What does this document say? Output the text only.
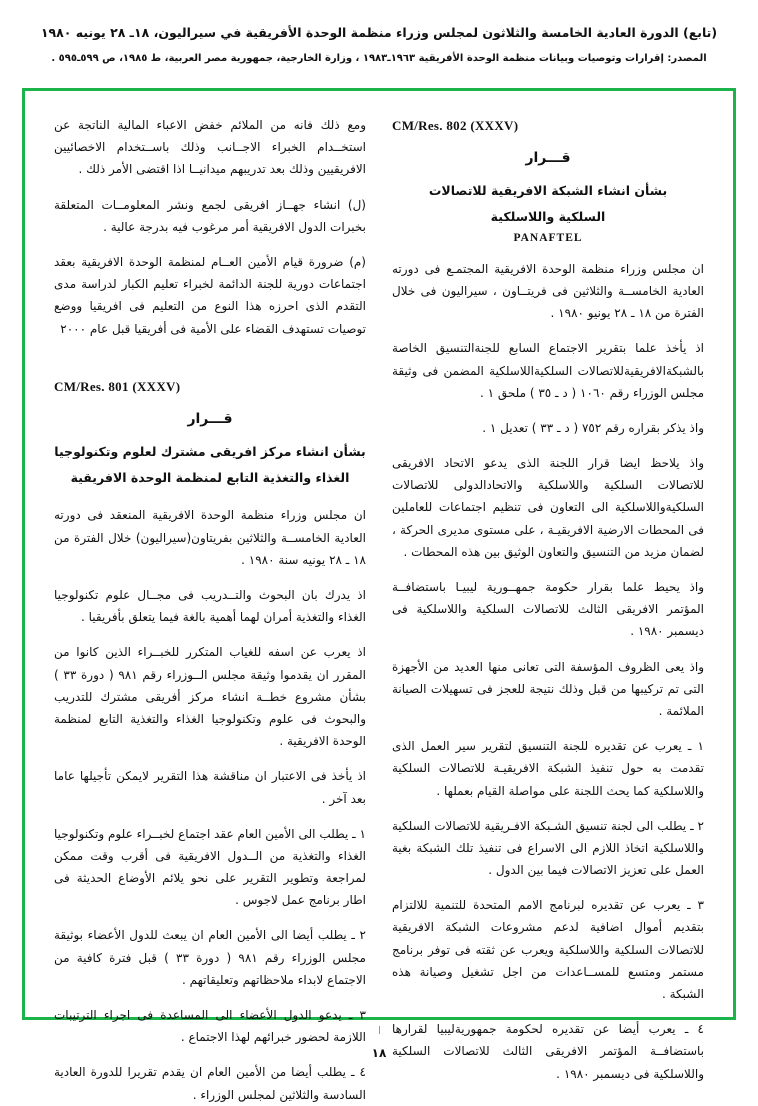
(تابع) الدورة العادية الخامسة والثلاثون لمجلس وزراء منظمة الوحدة الأفريقية في سيراليون، ١٨ـ ٢٨ يونيه ١٩٨٠
المصدر: إقرارات وتوصيات وبيانات منظمة الوحدة الأفريقية ١٩٦٣ـ١٩٨٣ ، وزارة الخارجية، جمهورية مصر العربية، ط ١٩٨٥، ص ٥٩٩ـ٥٩٥ .
CM/Res. 802 (XXXV)
قـــرار
بشأن انشاء الشبكة الافريقية للاتصالات
السلكية واللاسلكية
PANAFTEL
ان مجلس وزراء منظمة الوحدة الافريقية المجتمـع فى دورته العادية الخامســة والثلاثين فى فريتــاون ، سيراليون فى خلال الفترة من ١٨ ـ ٢٨ يونيو ١٩٨٠ .
اذ يأخذ علما بتقرير الاجتماع السابع للجنةالتنسيق الخاصة بالشبكةالافريقيةللاتصالات السلكيةاللاسلكية المضمن فى وثيقة مجلس الوزراء رقم ١٠٦٠ ( د ـ ٣٥ ) ملحق ١ .
واذ يذكر بقراره رقم ٧٥٢ ( د ـ ٣٣ ) تعديل ١ .
واذ يلاحظ ايضا قرار اللجنة الذى يدعو الاتحاد الافريقى للاتصالات السلكية واللاسلكية والاتحادالدولى للاتصالات السلكيةواللاسلكية الى التعاون فى تنظيم اجتماعات للعاملين فى المحطات الارضية الافريقيـة ، على مستوى مديرى الحركة ، لضمان مزيد من التنسيق والتعاون الوثيق بين هذه المحطات .
واذ يحيط علما بقرار حكومة جمهــورية ليبيـا باستضافــة المؤتمر الافريقى الثالث للاتصالات السلكية واللاسلكية فى ديسمبر ١٩٨٠ .
واذ يعى الظروف المؤسفة التى تعانى منها العديد من الأجهزة التى تم تركيبها من قبل وذلك نتيجة للعجز فى تسهيلات الصيانة الملائمة .
١ ـ يعرب عن تقديره للجنة التنسيق لتقرير سير العمل الذى تقدمت به حول تنفيذ الشبكة الافريقيـة للاتصالات السلكية واللاسلكية كما يحث اللجنة على مواصلة القيام بعملها .
٢ ـ يطلب الى لجنة تنسيق الشـبكة الافـريقية للاتصالات السلكية واللاسلكية اتخاذ اللازم الى الاسراع فى تنفيذ تلك الشبكة بغية العمل على تعزيز الاتصالات فيما بين الدول .
٣ ـ يعرب عن تقديره لبرنامج الامم المتحدة للتنمية للالتزام بتقديم أموال اضافية لدعم مشروعات الشبكة الافريقية للاتصالات السلكية واللاسلكية ويعرب عن ثقته فى توفر برنامج مستمر ومتسع للمســاعدات من اجل تشغيل وصيانة هذه الشبكة .
٤ ـ يعرب أيضا عن تقديره لحكومة جمهوريةليبيا لقرارها باستضافــة المؤتمر الافريقى الثالث للاتصالات السلكية واللاسلكية فى ديسمبر ١٩٨٠ .
ومع ذلك فانه من الملائم خفض الاعباء المالية الناتجة عن استخــدام الخبراء الاجــانب وذلك باســتخدام الاخصائيين الافريقيين وذلك بعد تدريبهم ميدانيــا اذا اقتضى الأمر ذلك .
(ل) انشاء جهــاز افريقى لجمع ونشر المعلومــات المتعلقة بخبرات الدول الافريقية أمر مرغوب فيه بدرجة عالية .
(م) ضرورة قيام الأمين العــام لمنظمة الوحدة الافريقية بعقد اجتماعات دورية للجنة الدائمة لخبراء تعليم الكبار لدراسة مدى التقدم الذى احرزه هذا النوع من التعليم فى افريقيا ووضع توصيات تستهدف القضاء على الأمية فى أفريقيا قبل عام ٢٠٠٠
CM/Res. 801 (XXXV)
قـــرار
بشأن انشاء مركز افريقى مشترك لعلوم وتكنولوجيا
الغذاء والتغذية التابع لمنظمة الوحدة الافريقية
ان مجلس وزراء منظمة الوحدة الافريقية المنعقد فى دورته العادية الخامســة والثلاثين بفريتاون(سيراليون) خلال الفترة من ١٨ ـ ٢٨ يونيه سنة ١٩٨٠ .
اذ يدرك بان البحوث والتــدريب فى مجــال علوم تكنولوجيا الغذاء والتغذية أمران لهما أهمية بالغة فيما يتعلق بأفريقيا .
اذ يعرب عن اسفه للغياب المتكرر للخبــراء الذين كانوا من المقرر ان يقدموا وثيقة مجلس الــوزراء رقم ٩٨١ ( دورة ٣٣ ) بشأن مشروع خطــة انشاء مركز أفريقى مشترك للتدريب والبحوث فى علوم وتكنولوجيا الغذاء والتغذية التابع لمنظمة الوحدة الافريقية .
اذ يأخذ فى الاعتبار ان مناقشة هذا التقرير لايمكن تأجيلها عاما بعد آخر .
١ ـ يطلب الى الأمين العام عقد اجتماع لخبــراء علوم وتكنولوجيا الغذاء والتغذية من الــدول الافريقية فى أقرب وقت ممكن لمراجعة وتطوير التقرير على نحو يلائم الأوضاع الحديثة فى اطار برنامج عمل لاجوس .
٢ ـ يطلب أيضا الى الأمين العام ان يبعث للدول الأعضاء بوثيقة مجلس الوزراء رقم ٩٨١ ( دورة ٣٣ ) قبل فترة كافية من الاجتماع لابداء ملاحظاتهم وتعليقاتهم .
٣ ـ يدعو الدول الأعضاء الى المساعدة فى اجراء الترتيبات اللازمة لحضور خبرائهم لهذا الاجتماع .
٤ ـ يطلب أيضا من الأمين العام ان يقدم تقريرا للدورة العادية السادسة والثلاثين لمجلس الوزراء .
١٨
